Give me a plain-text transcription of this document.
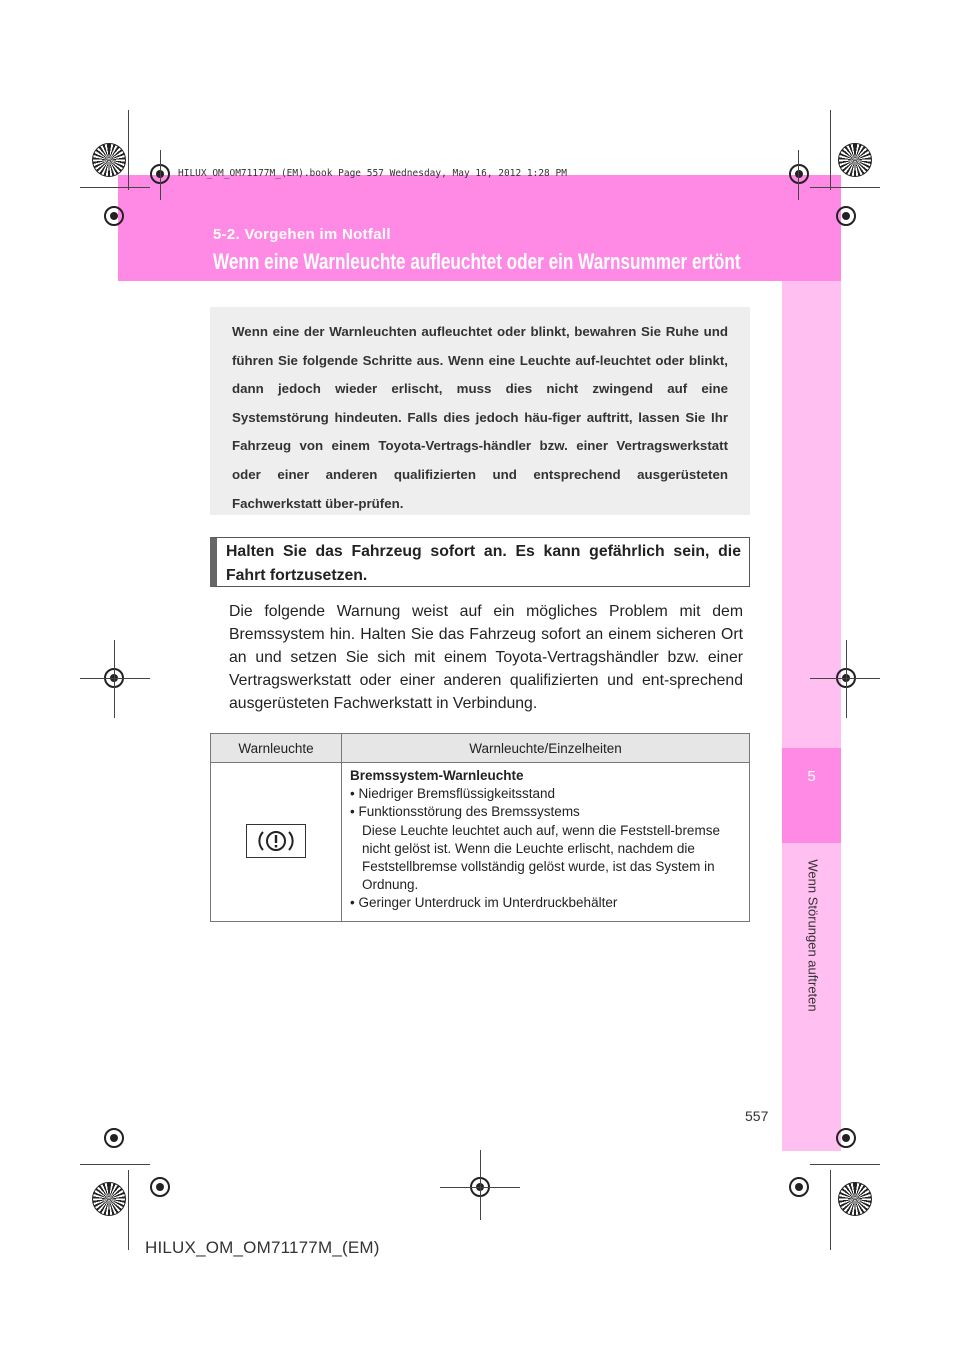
5
Wenn Störungen auftreten
HILUX_OM_OM71177M_(EM).book Page 557 Wednesday, May 16, 2012 1:28 PM
5-2. Vorgehen im Notfall
Wenn eine Warnleuchte aufleuchtet oder ein Warnsummer ertönt
Wenn eine der Warnleuchten aufleuchtet oder blinkt, bewahren Sie Ruhe und führen Sie folgende Schritte aus. Wenn eine Leuchte auf-leuchtet oder blinkt, dann jedoch wieder erlischt, muss dies nicht zwingend auf eine Systemstörung hindeuten. Falls dies jedoch häu-figer auftritt, lassen Sie Ihr Fahrzeug von einem Toyota-Vertrags-händler bzw. einer Vertragswerkstatt oder einer anderen qualifizierten und entsprechend ausgerüsteten Fachwerkstatt über-prüfen.
Halten Sie das Fahrzeug sofort an. Es kann gefährlich sein, die Fahrt fortzusetzen.
Die folgende Warnung weist auf ein mögliches Problem mit dem Bremssystem hin. Halten Sie das Fahrzeug sofort an einem sicheren Ort an und setzen Sie sich mit einem Toyota-Vertragshändler bzw. einer Vertragswerkstatt oder einer anderen qualifizierten und ent-sprechend ausgerüsteten Fachwerkstatt in Verbindung.
Warnleuchte	Warnleuchte/Einzelheiten

Bremssystem-Warnleuchte
• Niedriger Bremsflüssigkeitsstand
• Funktionsstörung des Bremssystems
Diese Leuchte leuchtet auch auf, wenn die Feststell-bremse nicht gelöst ist. Wenn die Leuchte erlischt, nachdem die Feststellbremse vollständig gelöst wurde, ist das System in Ordnung.
• Geringer Unterdruck im Unterdruckbehälter
557
HILUX_OM_OM71177M_(EM)
